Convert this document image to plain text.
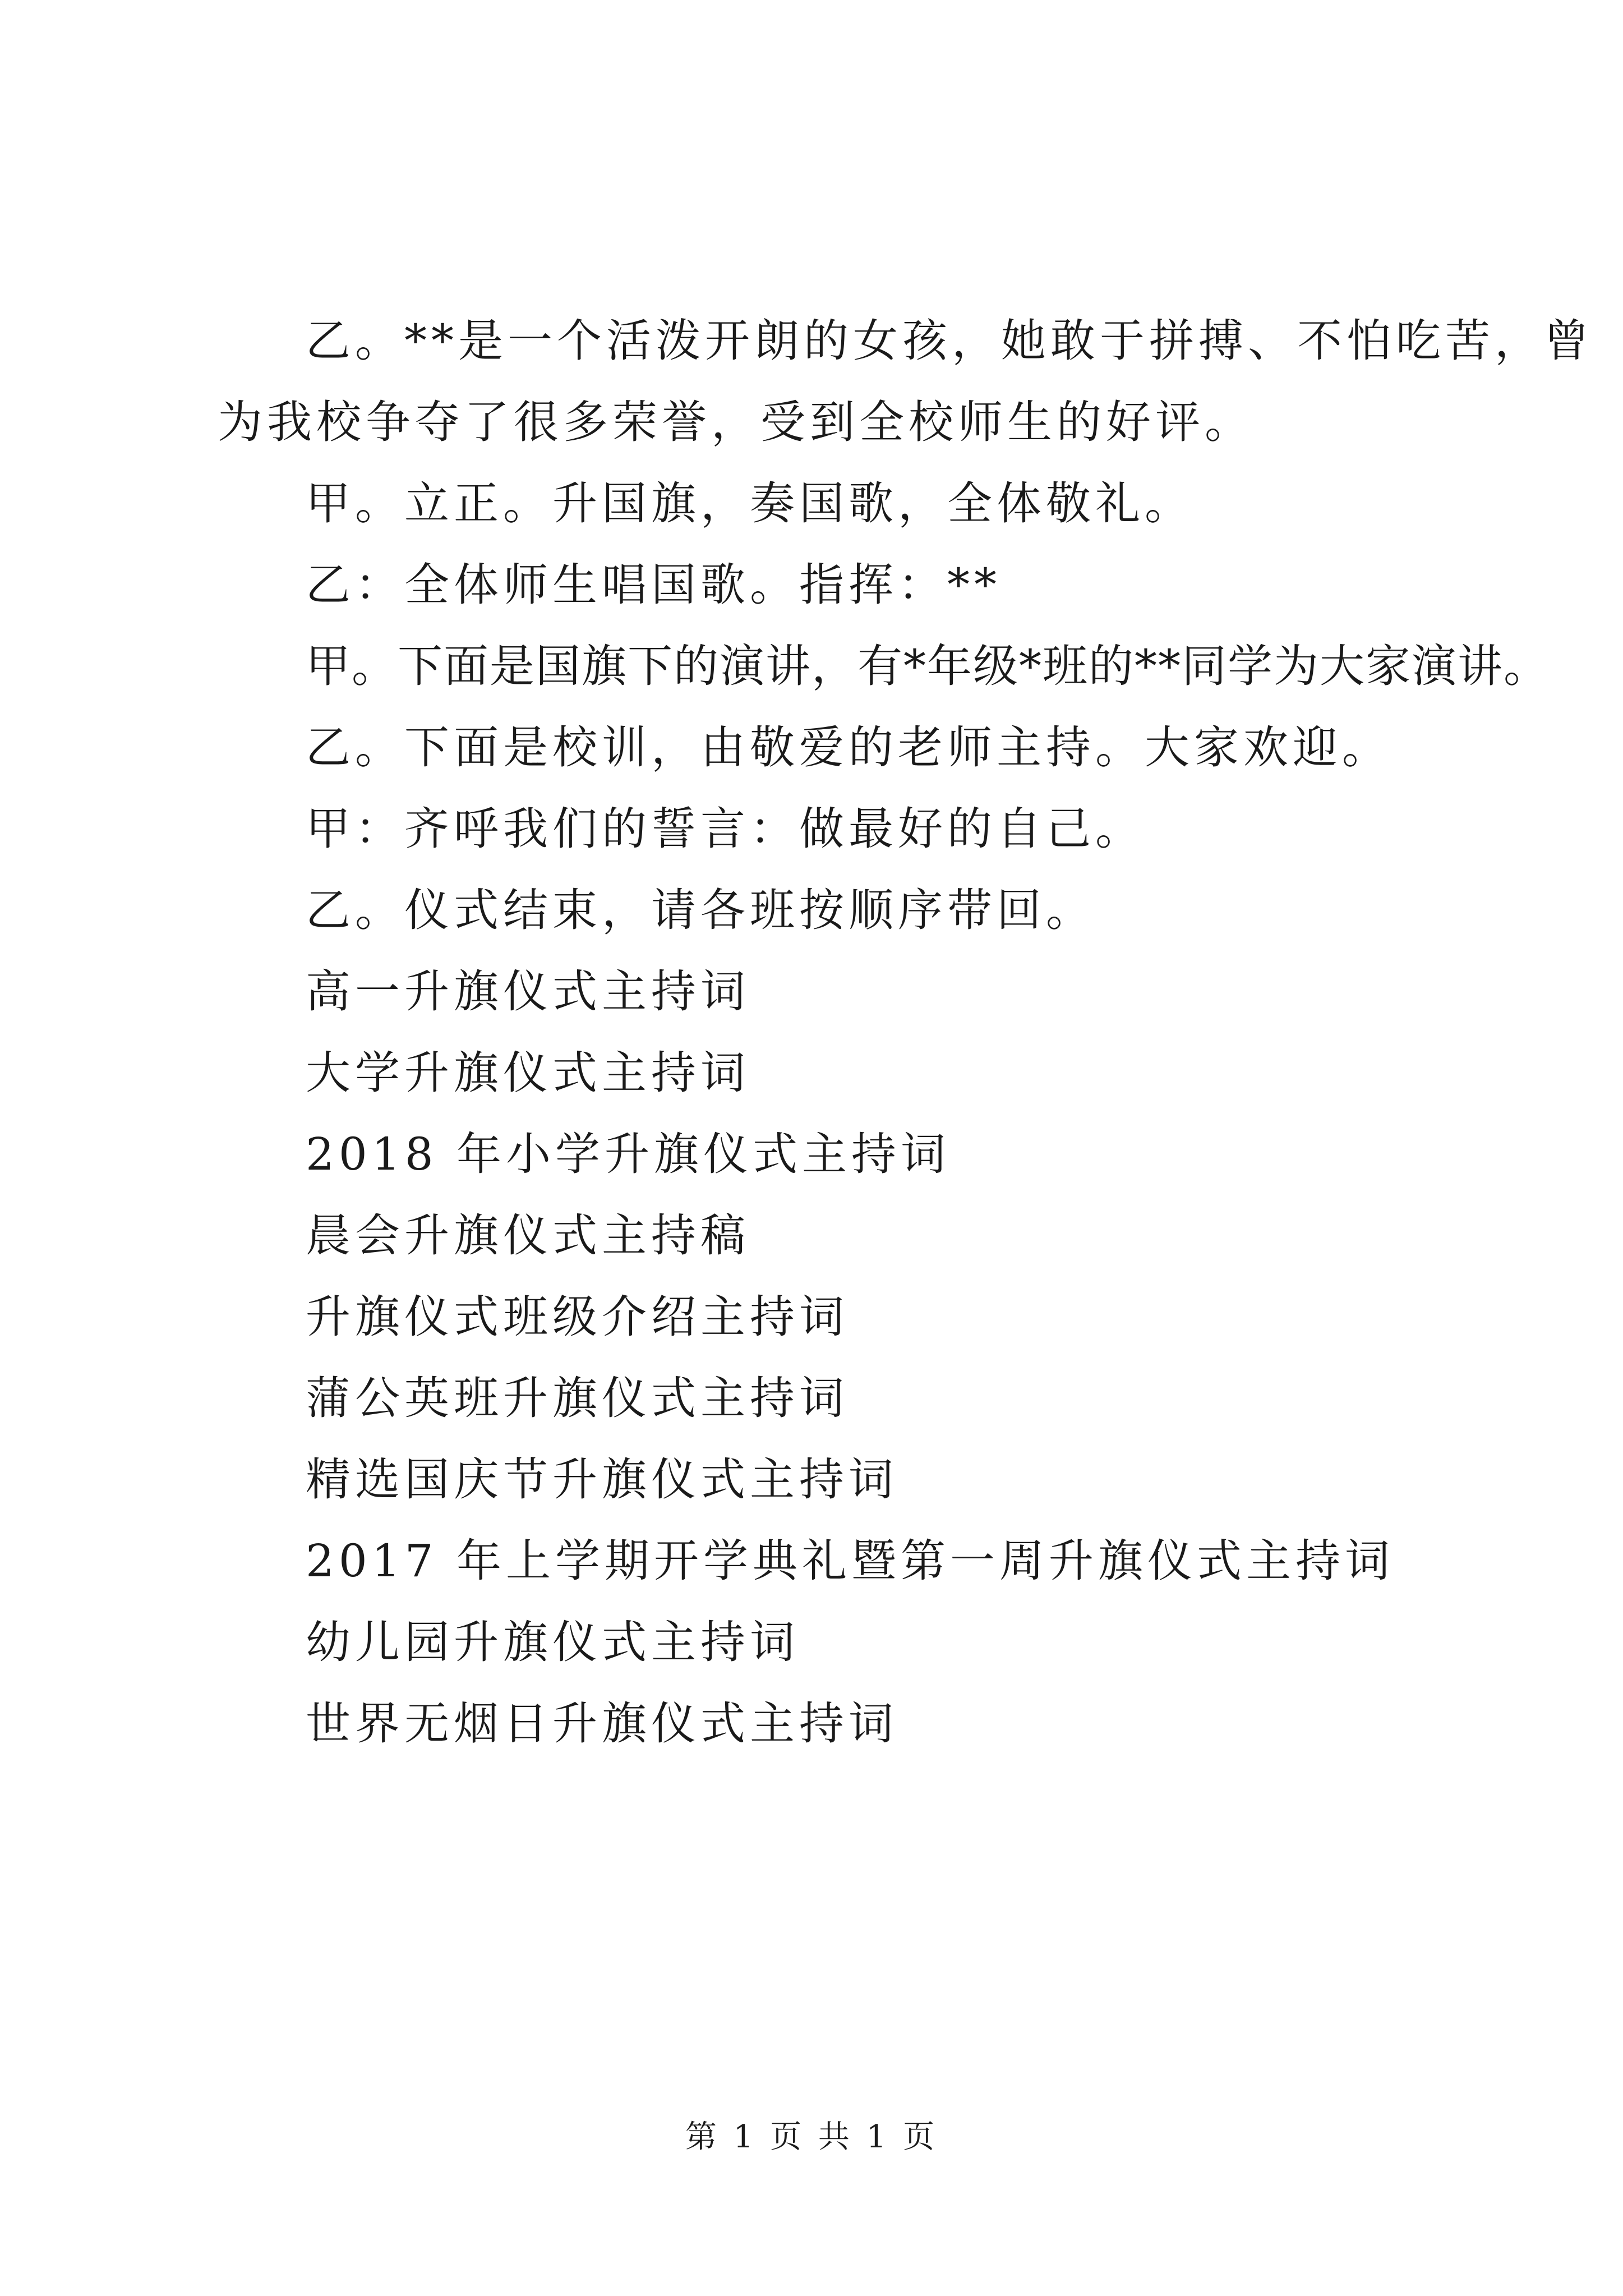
乙。**是一个活泼开朗的女孩，她敢于拼搏、不怕吃苦，曾
为我校争夺了很多荣誉，受到全校师生的好评。
甲。立正。升国旗，奏国歌，全体敬礼。
乙：全体师生唱国歌。指挥：**
甲。下面是国旗下的演讲，有*年级*班的**同学为大家演讲。
乙。下面是校训，由敬爱的老师主持。大家欢迎。
甲：齐呼我们的誓言：做最好的自己。
乙。仪式结束，请各班按顺序带回。
高一升旗仪式主持词
大学升旗仪式主持词
2018 年小学升旗仪式主持词
晨会升旗仪式主持稿
升旗仪式班级介绍主持词
蒲公英班升旗仪式主持词
精选国庆节升旗仪式主持词
2017 年上学期开学典礼暨第一周升旗仪式主持词
幼儿园升旗仪式主持词
世界无烟日升旗仪式主持词
第 1 页 共 1 页
